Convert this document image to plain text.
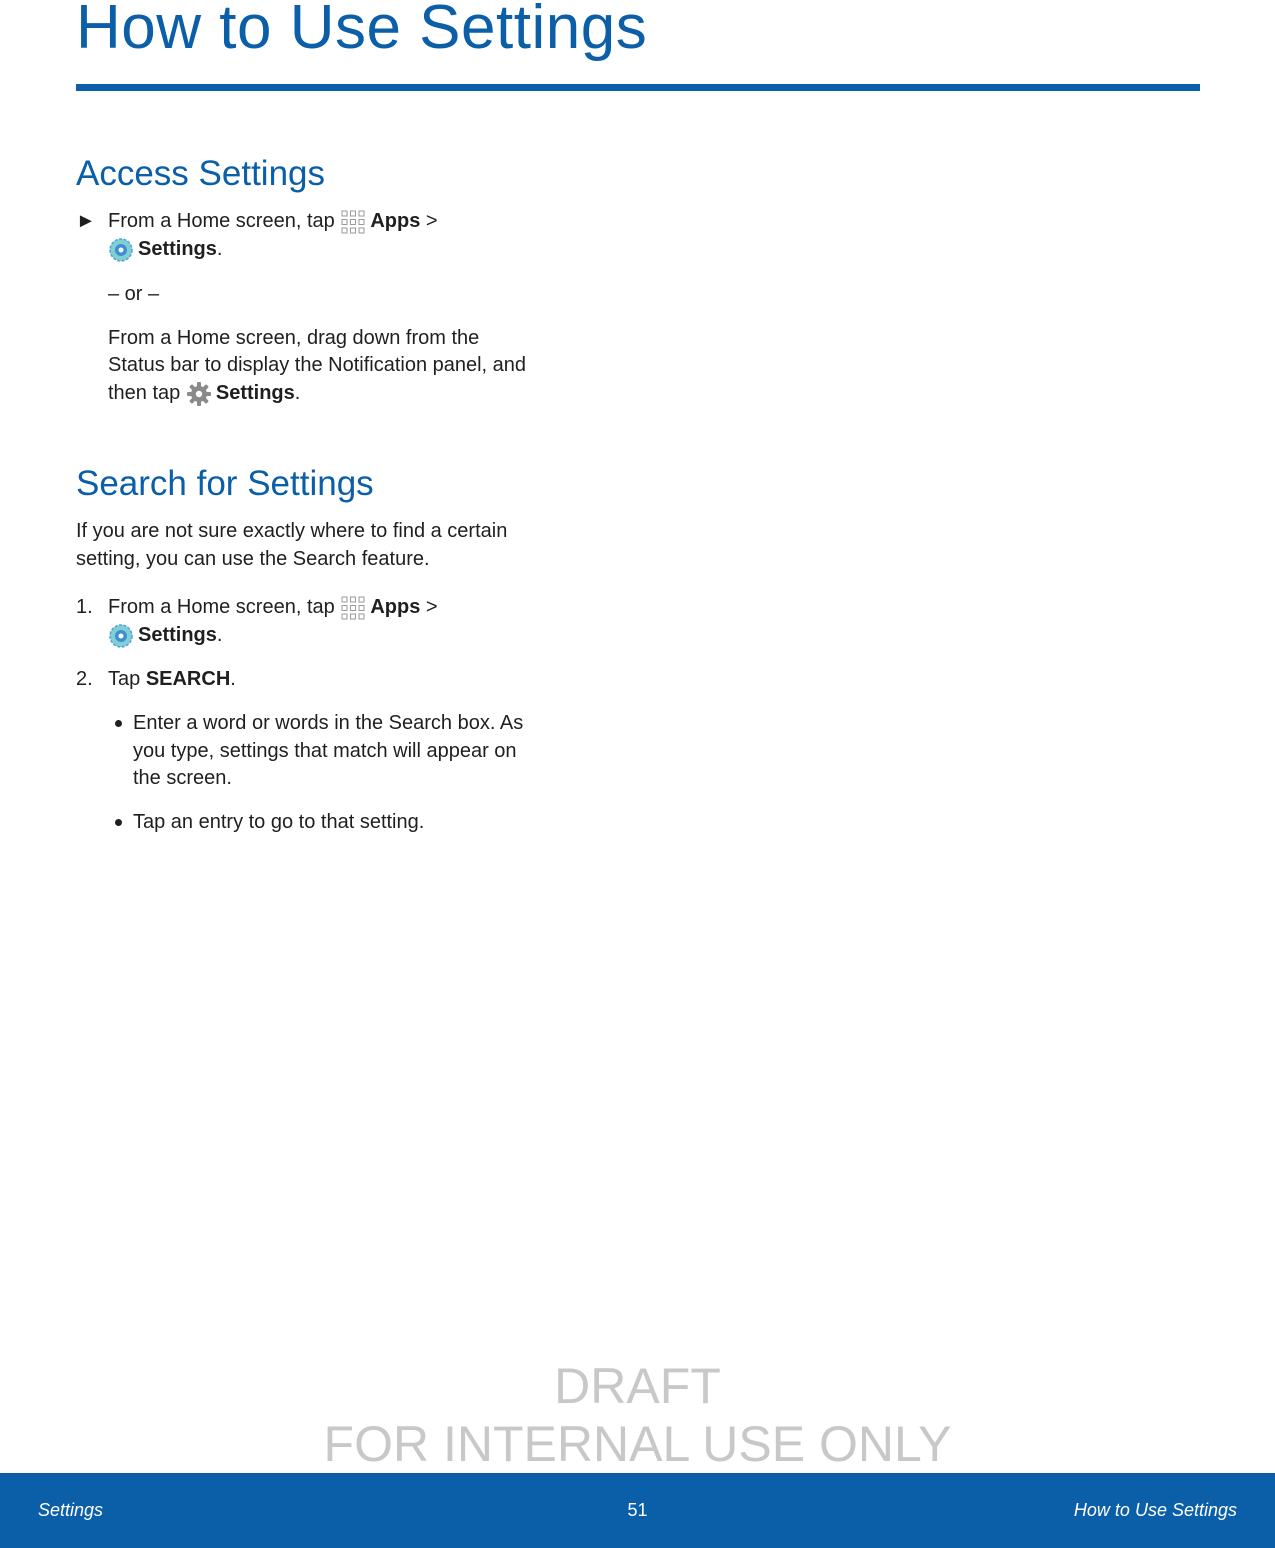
How to Use Settings
Access Settings
► From a Home screen, tap Apps >
Settings.
– or –
From a Home screen, drag down from the
Status bar to display the Notification panel, and
then tap Settings.
Search for Settings
If you are not sure exactly where to find a certain
setting, you can use the Search feature.
1. From a Home screen, tap Apps >
Settings.
2. Tap SEARCH.
Enter a word or words in the Search box. As
you type, settings that match will appear on
the screen.
Tap an entry to go to that setting.
DRAFT
FOR INTERNAL USE ONLY
Settings	51	How to Use Settings
